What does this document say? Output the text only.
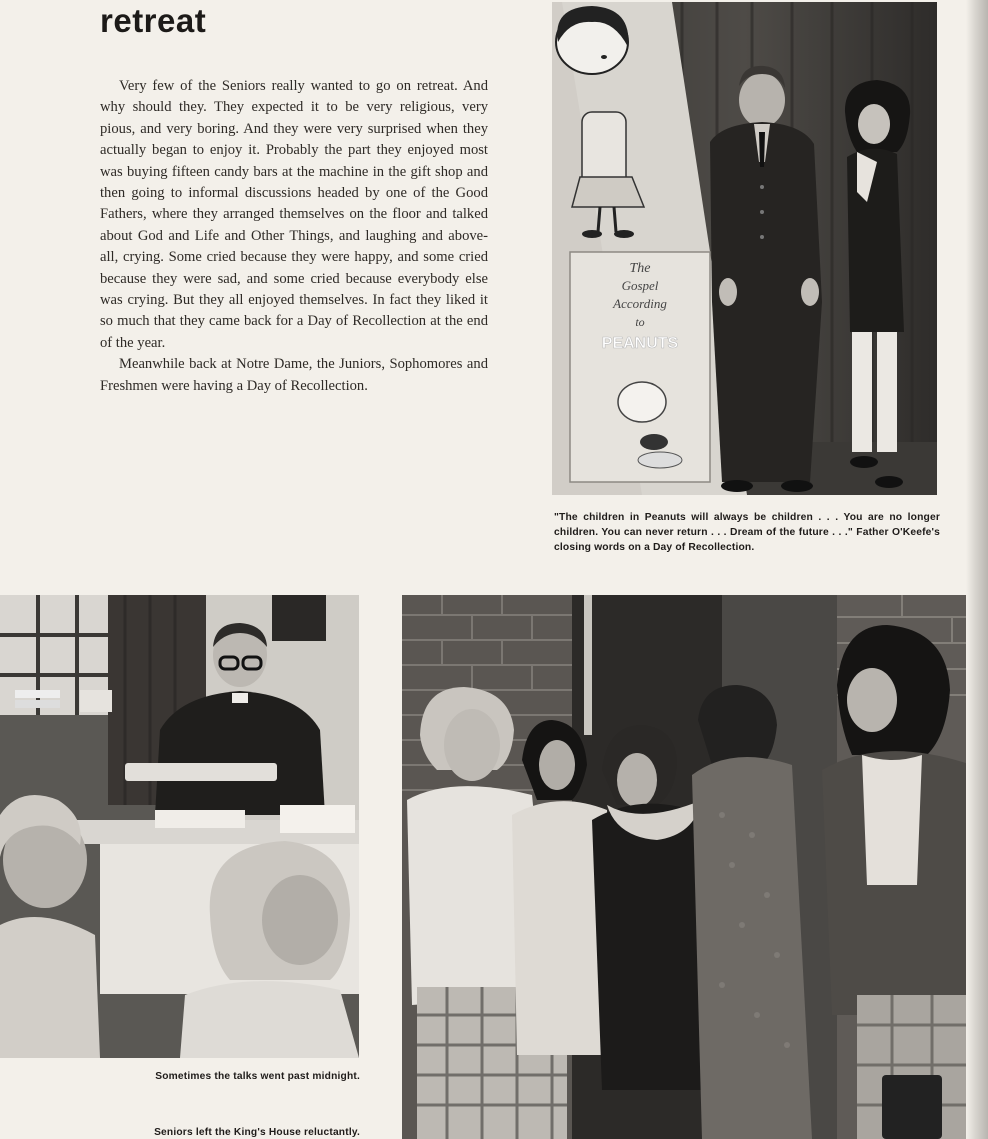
retreat

Very few of the Seniors really wanted to go on retreat. And why should they. They expected it to be very religious, very pious, and very boring. And they were very surprised when they actually began to enjoy it. Probably the part they enjoyed most was buying fifteen candy bars at the machine in the gift shop and then going to informal discussions headed by one of the Good Fathers, where they arranged themselves on the floor and talked about God and Life and Other Things, and laughing and above-all, crying. Some cried because they were happy, and some cried because they were sad, and some cried because everybody else was crying. But they all enjoyed themselves. In fact they liked it so much that they came back for a Day of Recollection at the end of the year.

Meanwhile back at Notre Dame, the Juniors, Sophomores and Freshmen were having a Day of Recollection.

The
Gospel
According
to
PEANUTS
"The children in Peanuts will always be children . . . You are no longer children. You can never return . . . Dream of the future . . ." Father O'Keefe's closing words on a Day of Recollection.
Sometimes the talks went past midnight.
Seniors left the King's House reluctantly.
